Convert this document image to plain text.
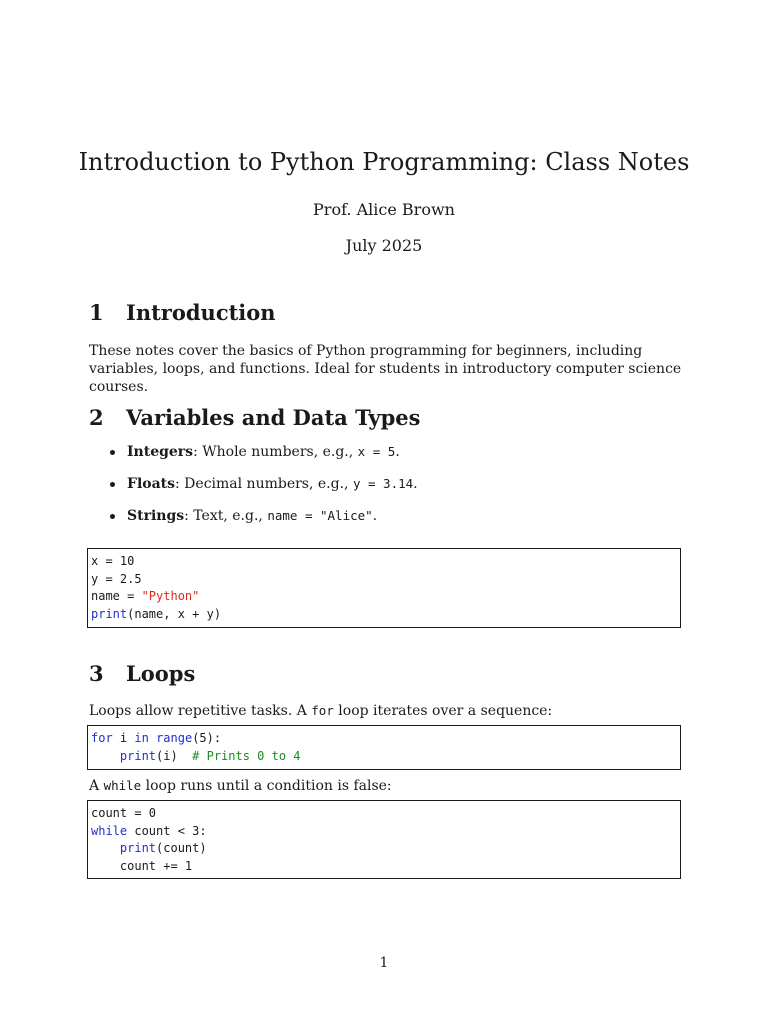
Introduction to Python Programming: Class Notes
Prof. Alice Brown
July 2025
1 Introduction
These notes cover the basics of Python programming for beginners, including variables, loops, and functions. Ideal for students in introductory computer science courses.
2 Variables and Data Types
Integers: Whole numbers, e.g., x = 5.
Floats: Decimal numbers, e.g., y = 3.14.
Strings: Text, e.g., name = "Alice".
x = 10
y = 2.5
name = "Python"
print(name, x + y)
3 Loops
Loops allow repetitive tasks. A for loop iterates over a sequence:
for i in range(5):
print(i)  # Prints 0 to 4
A while loop runs until a condition is false:
count = 0
while count < 3:
print(count)
count += 1
1
